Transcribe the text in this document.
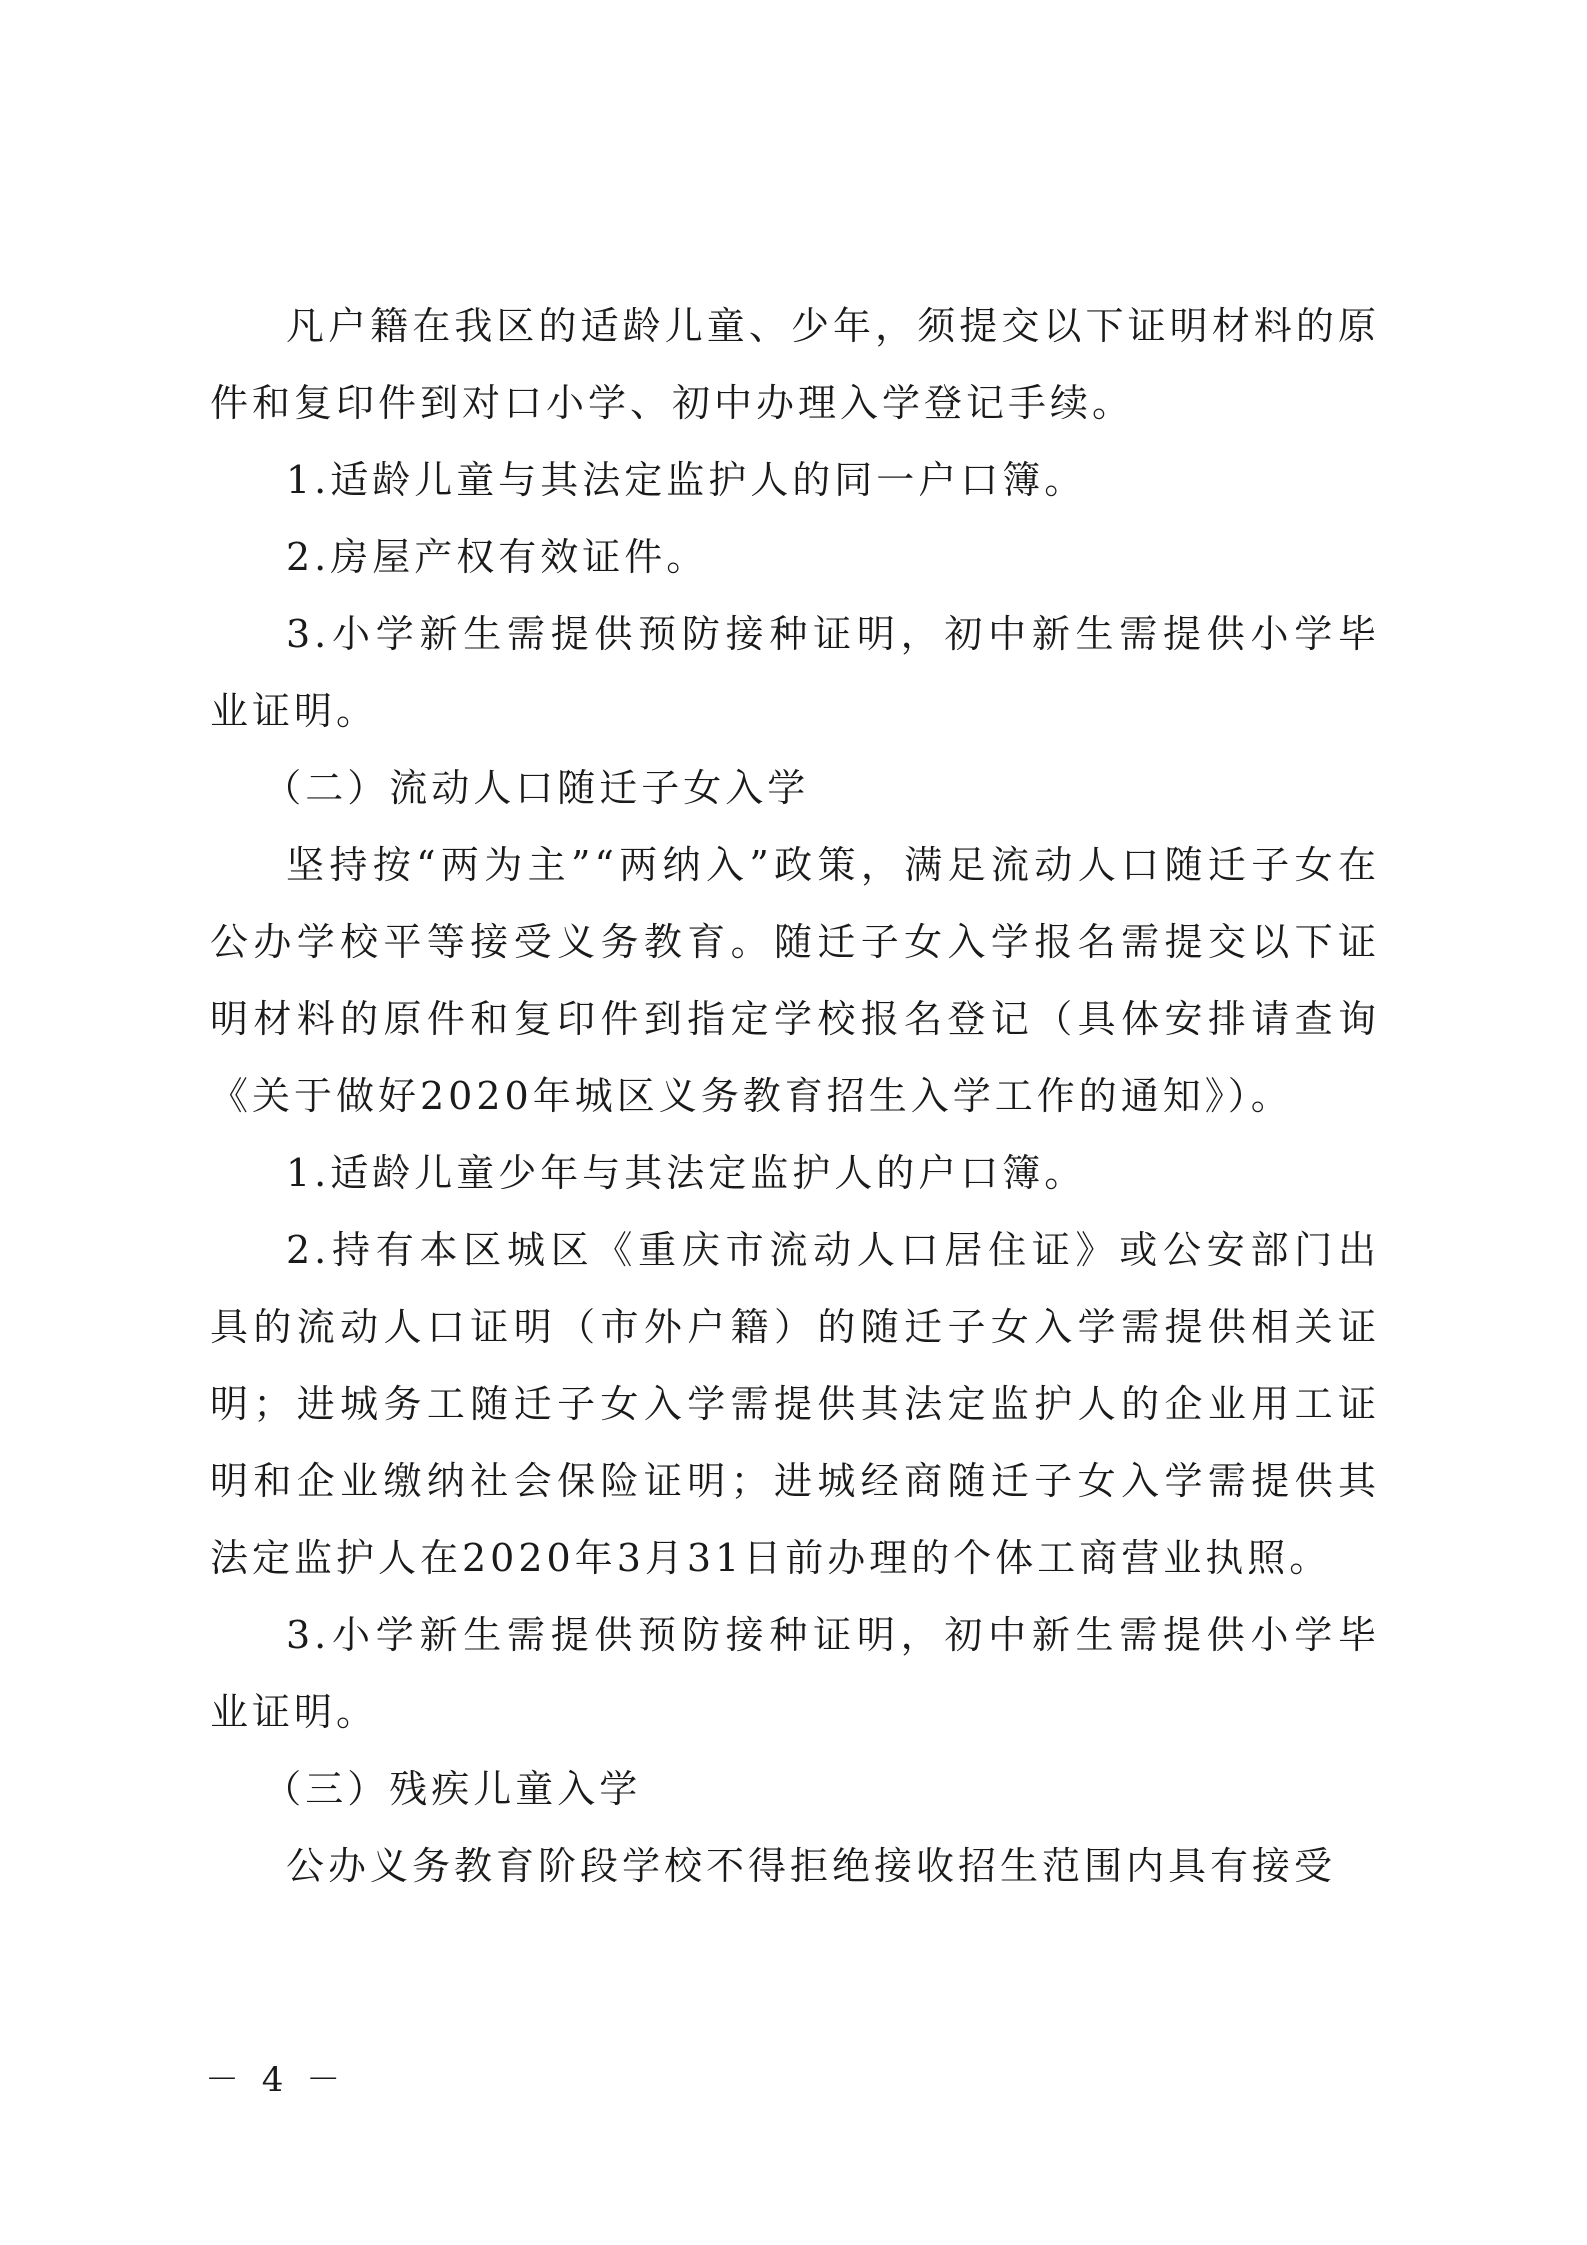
凡户籍在我区的适龄儿童、少年，须提交以下证明材料的原件和复印件到对口小学、初中办理入学登记手续。

1.适龄儿童与其法定监护人的同一户口簿。

2.房屋产权有效证件。

3.小学新生需提供预防接种证明，初中新生需提供小学毕业证明。

（二）流动人口随迁子女入学

坚持按“两为主”“两纳入”政策，满足流动人口随迁子女在公办学校平等接受义务教育。随迁子女入学报名需提交以下证明材料的原件和复印件到指定学校报名登记（具体安排请查询《关于做好2020年城区义务教育招生入学工作的通知》）。

1.适龄儿童少年与其法定监护人的户口簿。

2.持有本区城区《重庆市流动人口居住证》或公安部门出具的流动人口证明（市外户籍）的随迁子女入学需提供相关证明；进城务工随迁子女入学需提供其法定监护人的企业用工证明和企业缴纳社会保险证明；进城经商随迁子女入学需提供其法定监护人在2020年3月31日前办理的个体工商营业执照。

3.小学新生需提供预防接种证明，初中新生需提供小学毕业证明。

（三）残疾儿童入学

公办义务教育阶段学校不得拒绝接收招生范围内具有接受

－ 4 －
